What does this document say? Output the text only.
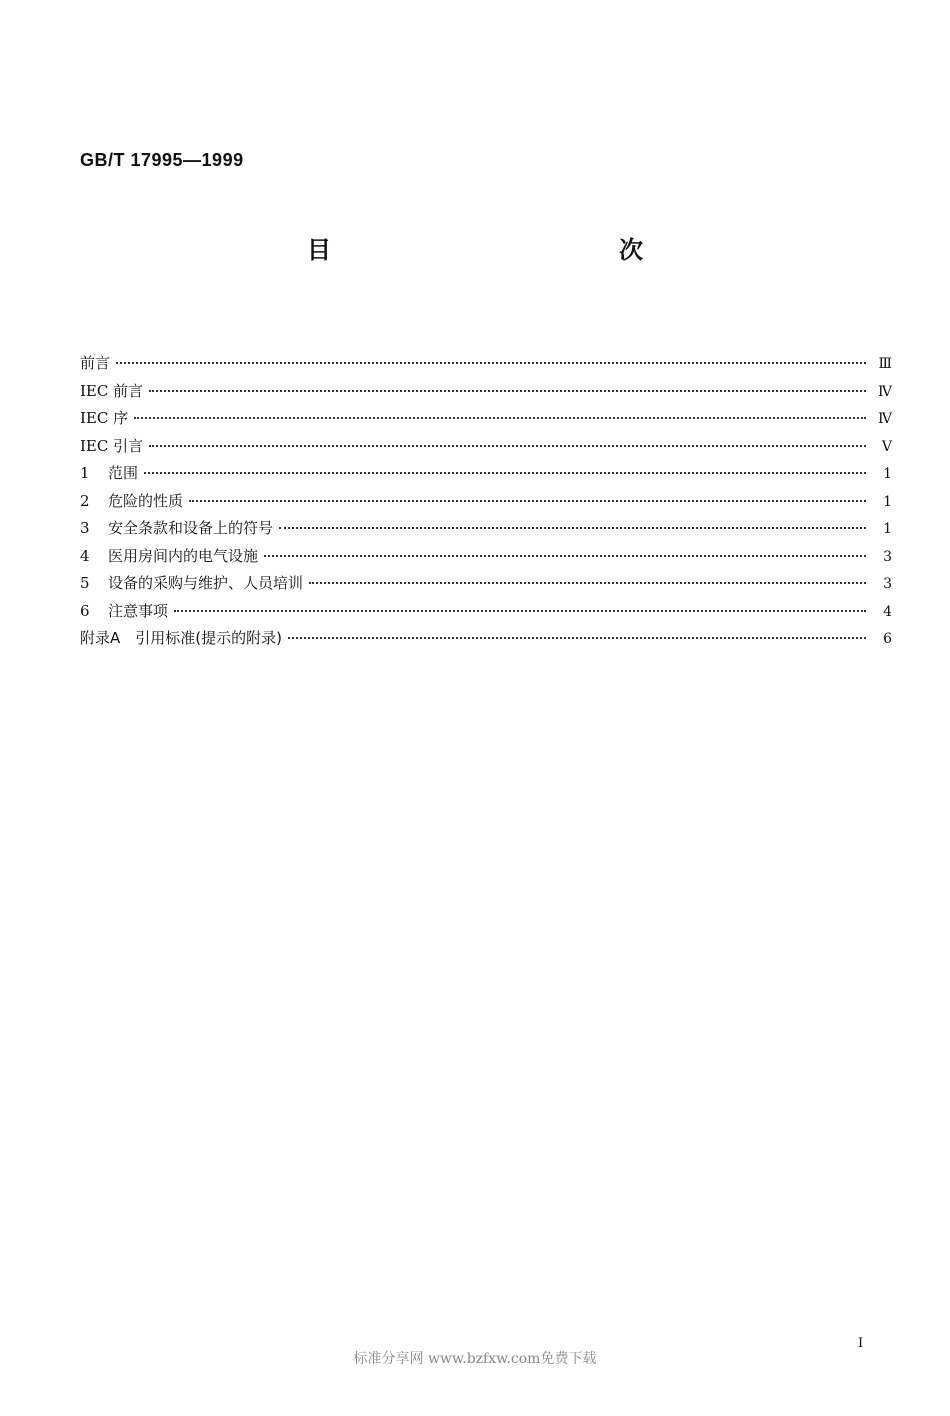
GB/T 17995—1999
目　　次
前言	Ⅲ
IEC 前言	Ⅳ
IEC 序	Ⅳ
IEC 引言	Ⅴ
1	范围	1
2	危险的性质	1
3	安全条款和设备上的符号	1
4	医用房间内的电气设施	3
5	设备的采购与维护、人员培训	3
6	注意事项	4
附录A　引用标准(提示的附录)	6
标准分享网 www.bzfxw.com免费下载
I
